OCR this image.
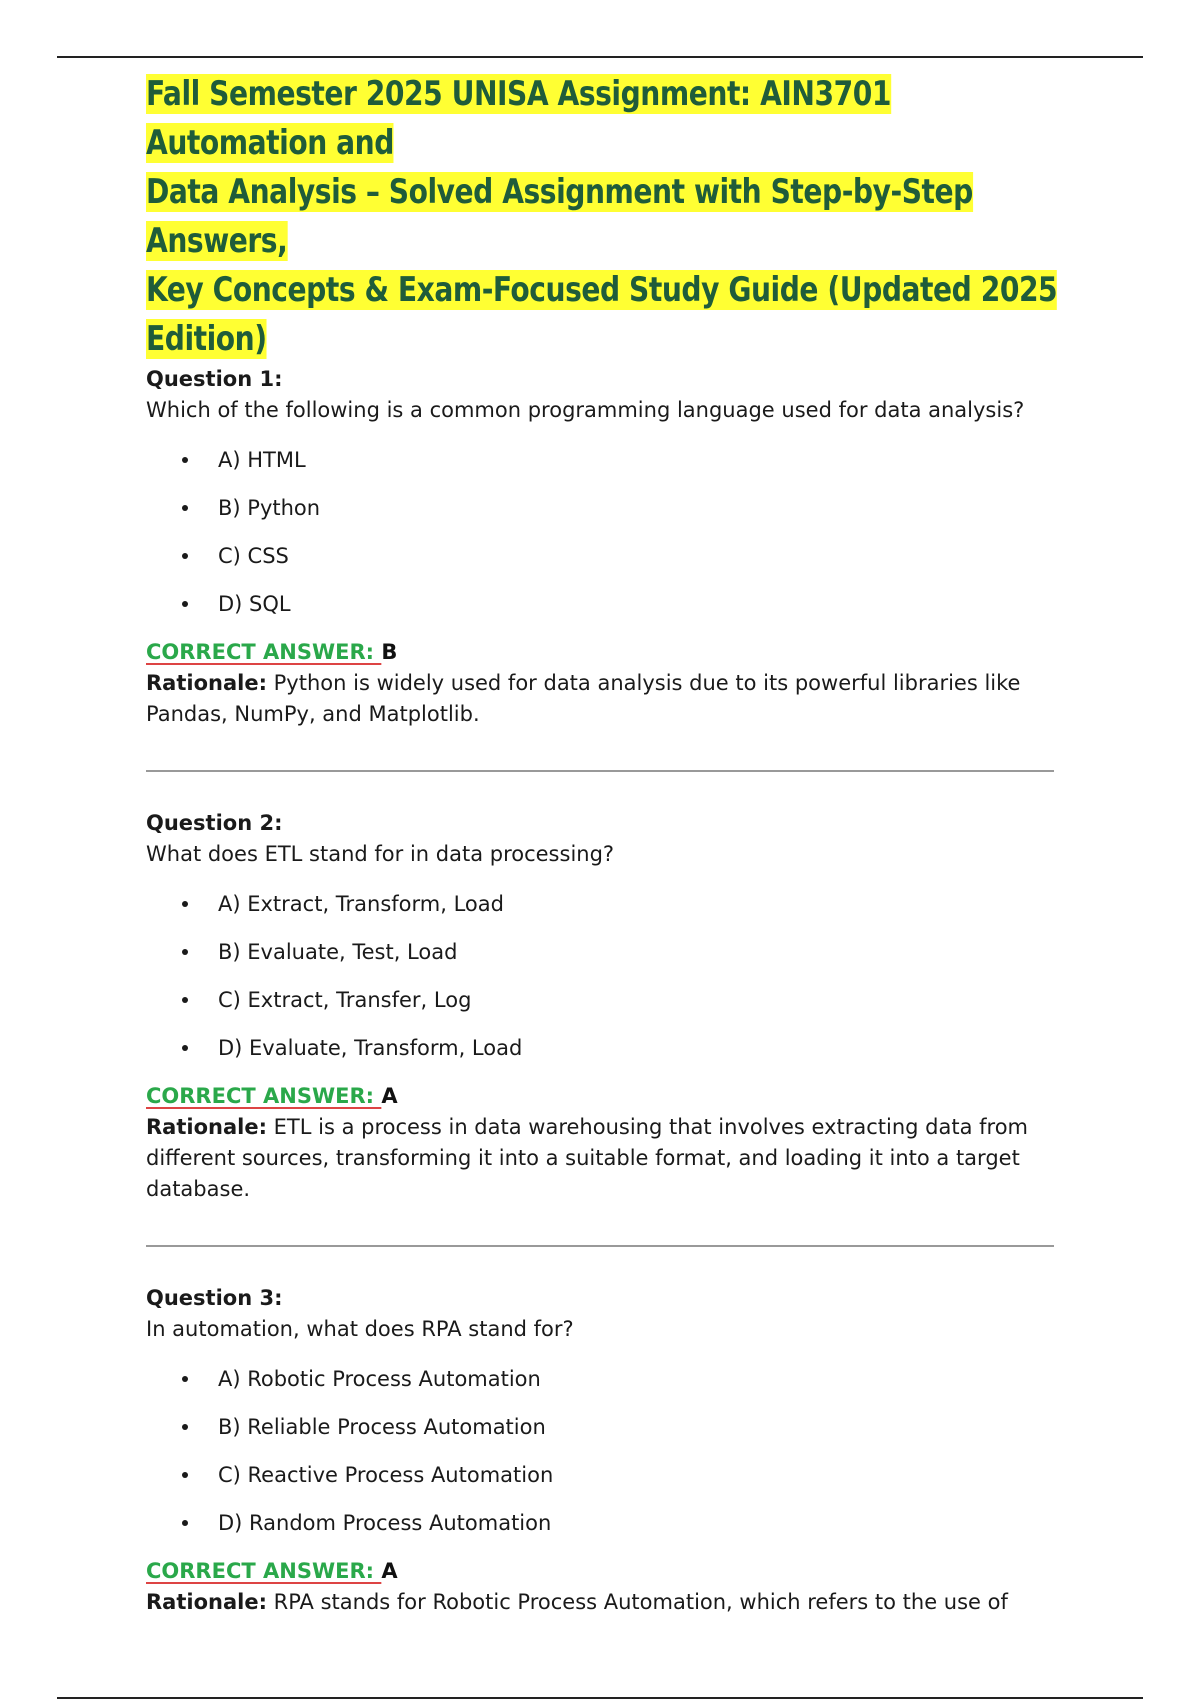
Fall Semester 2025 UNISA Assignment: AIN3701 Automation and
Data Analysis – Solved Assignment with Step-by-Step Answers,
Key Concepts & Exam-Focused Study Guide (Updated 2025
Edition)

Question 1:

Which of the following is a common programming language used for data analysis?

A) HTML
B) Python
C) CSS
D) SQL

CORRECT ANSWER: B

Rationale: Python is widely used for data analysis due to its powerful libraries like Pandas, NumPy, and Matplotlib.

Question 2:

What does ETL stand for in data processing?

A) Extract, Transform, Load
B) Evaluate, Test, Load
C) Extract, Transfer, Log
D) Evaluate, Transform, Load

CORRECT ANSWER: A

Rationale: ETL is a process in data warehousing that involves extracting data from different sources, transforming it into a suitable format, and loading it into a target database.

Question 3:

In automation, what does RPA stand for?

A) Robotic Process Automation
B) Reliable Process Automation
C) Reactive Process Automation
D) Random Process Automation

CORRECT ANSWER: A

Rationale: RPA stands for Robotic Process Automation, which refers to the use of
